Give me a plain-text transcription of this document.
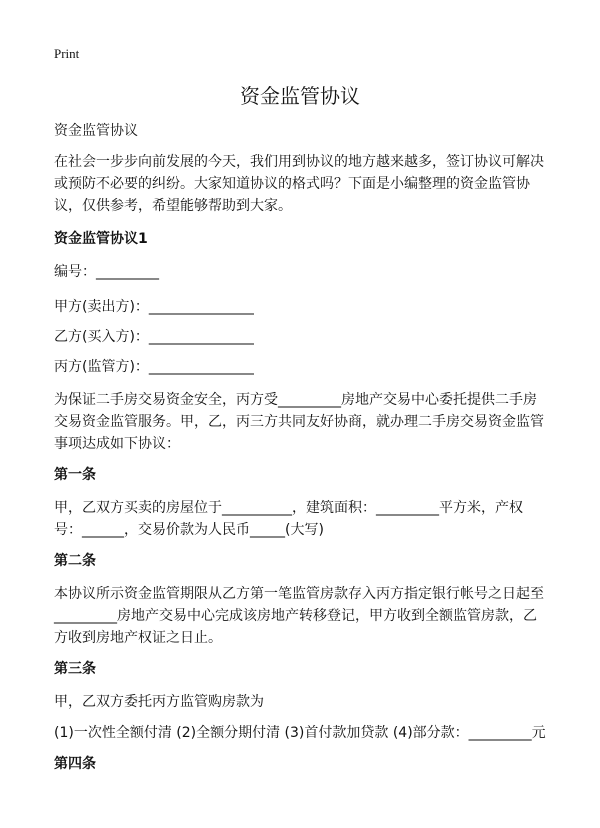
Print
资金监管协议

资金监管协议

在社会一步步向前发展的今天，我们用到协议的地方越来越多，签订协议可解决或预防不必要的纠纷。大家知道协议的格式吗？下面是小编整理的资金监管协议，仅供参考，希望能够帮助到大家。

资金监管协议1

编号：_________

甲方(卖出方)：_______________

乙方(买入方)：_______________

丙方(监管方)：_______________

为保证二手房交易资金安全，丙方受_________房地产交易中心委托提供二手房交易资金监管服务。甲，乙，丙三方共同友好协商，就办理二手房交易资金监管事项达成如下协议：

第一条

甲，乙双方买卖的房屋位于__________，建筑面积：_________平方米，产权号：______，交易价款为人民币_____(大写)

第二条

本协议所示资金监管期限从乙方第一笔监管房款存入丙方指定银行帐号之日起至_________房地产交易中心完成该房地产转移登记，甲方收到全额监管房款，乙方收到房地产权证之日止。

第三条

甲，乙双方委托丙方监管购房款为

(1)一次性全额付清 (2)全额分期付清 (3)首付款加贷款 (4)部分款：_________元

第四条
